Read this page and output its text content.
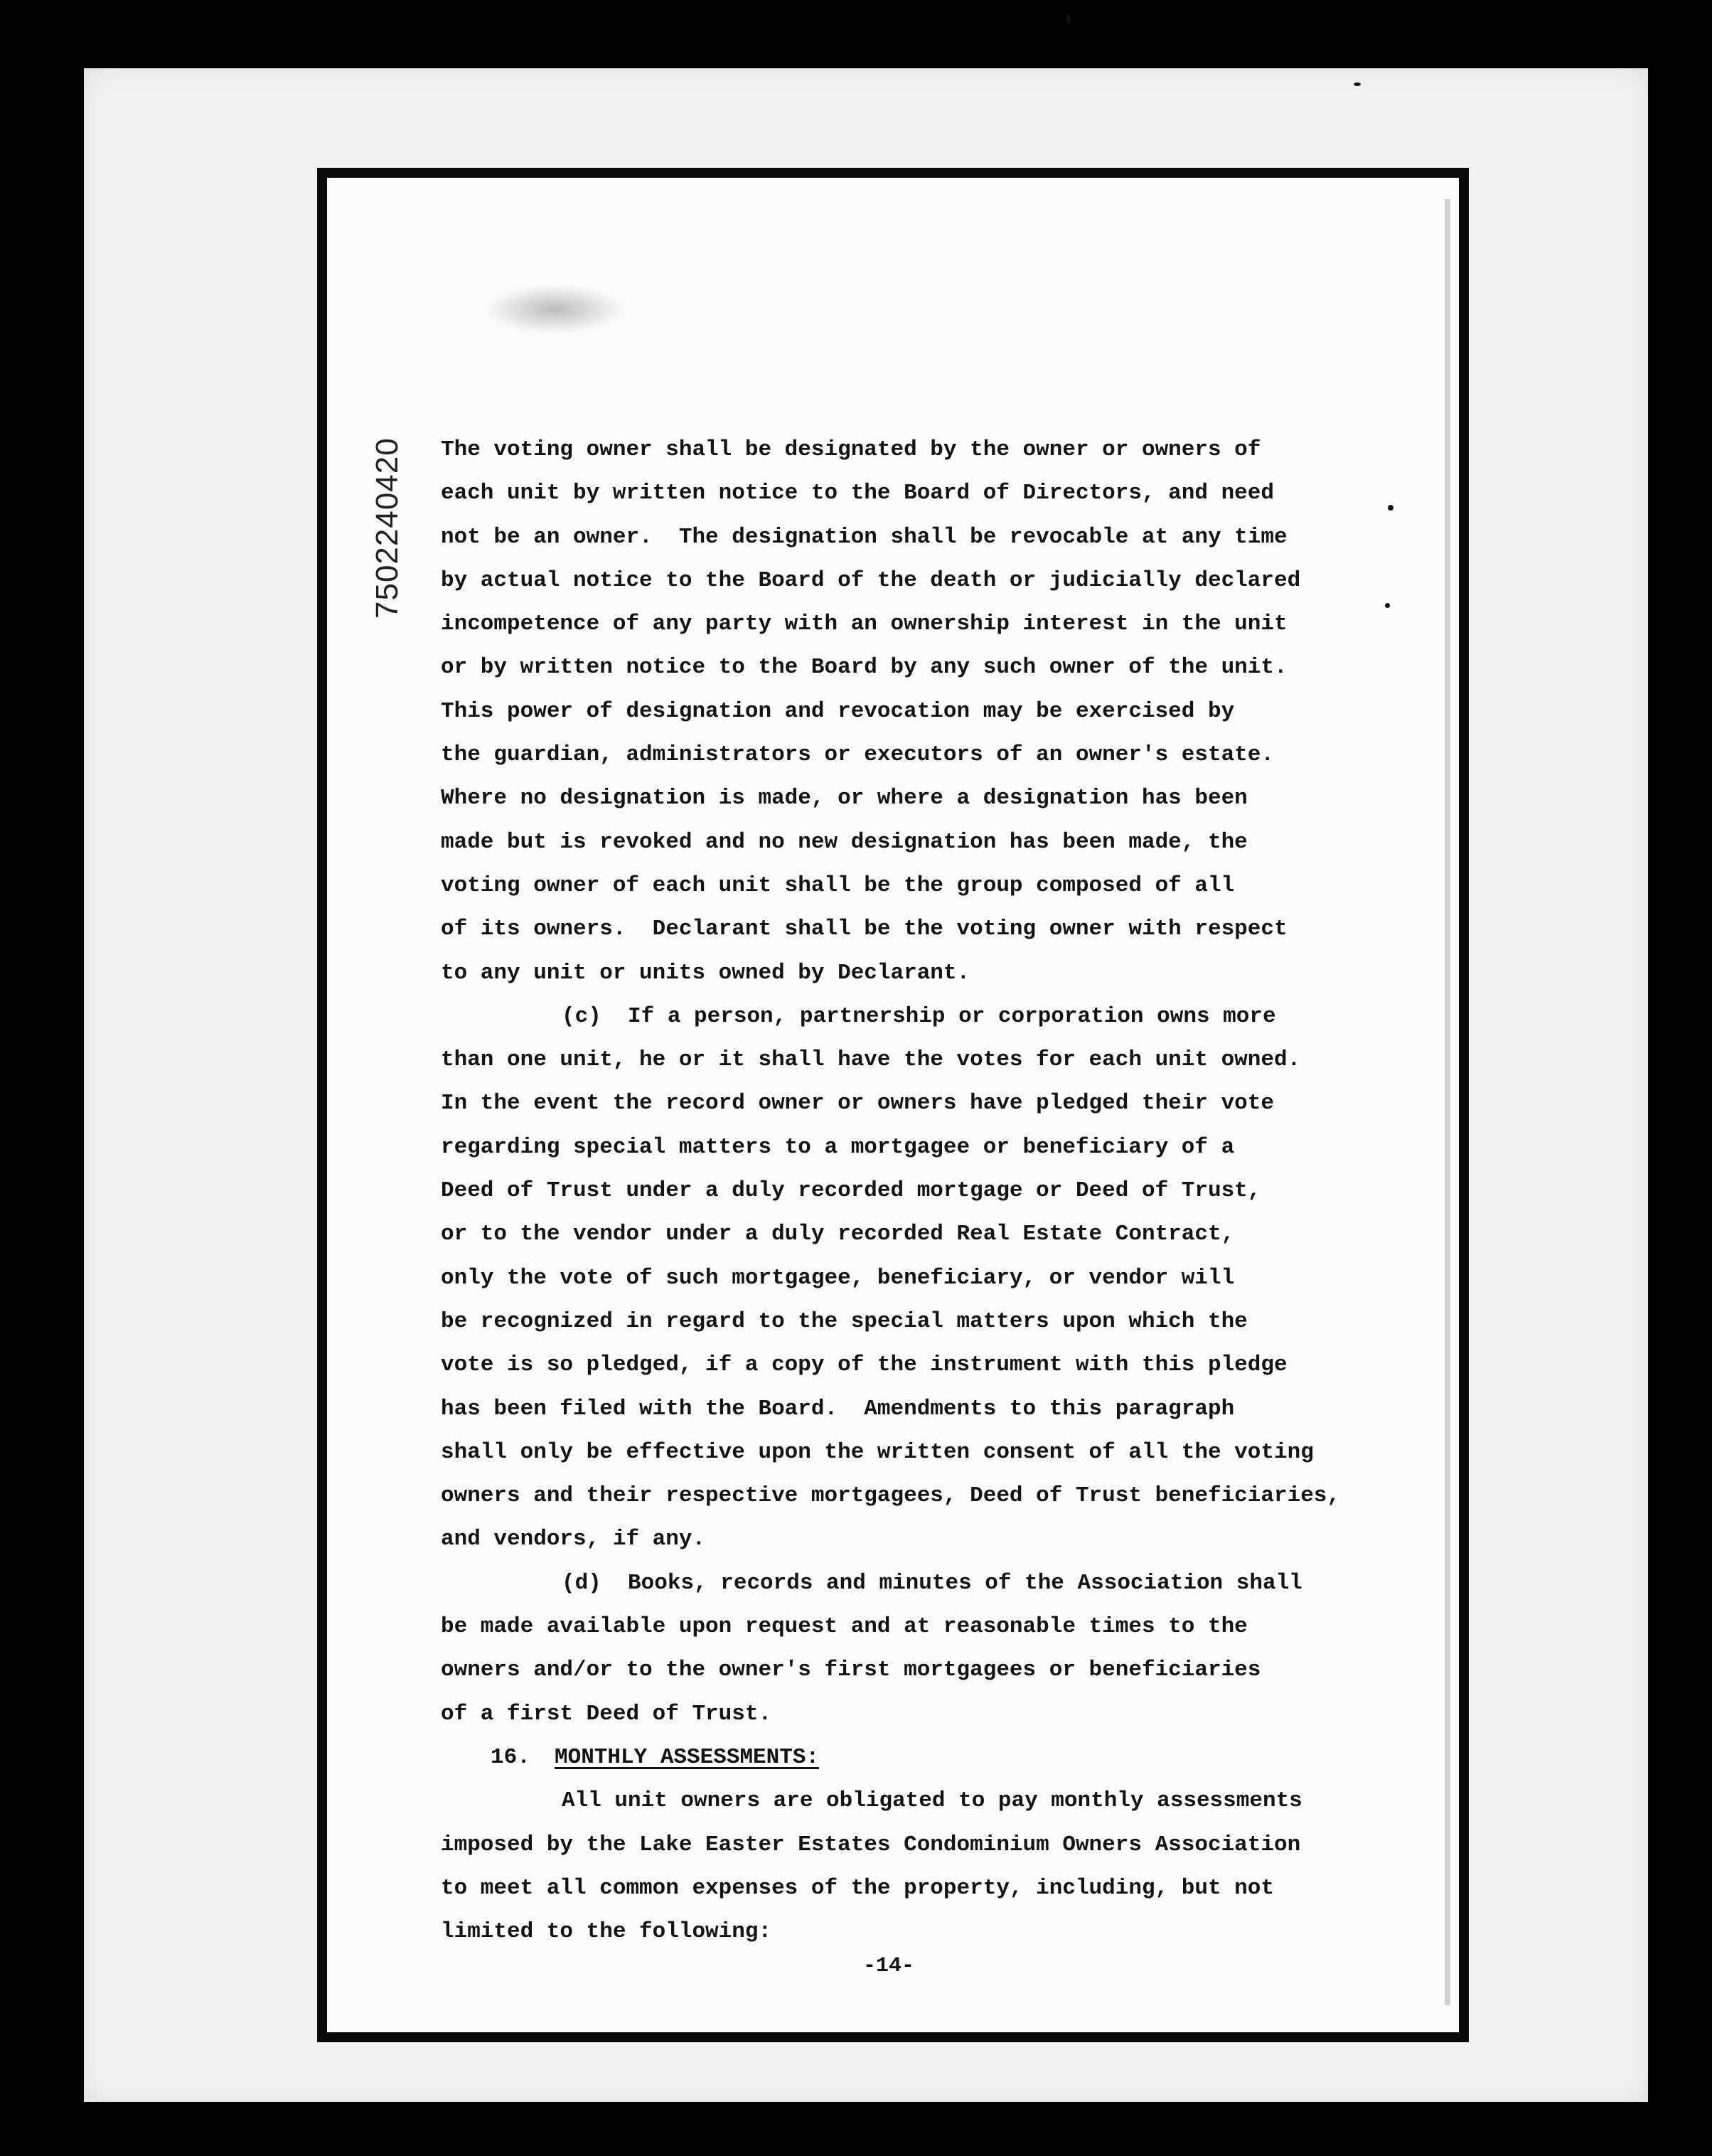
7502240420 The voting owner shall be designated by the owner or owners of
each unit by written notice to the Board of Directors, and need
not be an owner.  The designation shall be revocable at any time
by actual notice to the Board of the death or judicially declared
incompetence of any party with an ownership interest in the unit
or by written notice to the Board by any such owner of the unit.
This power of designation and revocation may be exercised by
the guardian, administrators or executors of an owner's estate.
Where no designation is made, or where a designation has been
made but is revoked and no new designation has been made, the
voting owner of each unit shall be the group composed of all
of its owners.  Declarant shall be the voting owner with respect
to any unit or units owned by Declarant.
(c)  If a person, partnership or corporation owns more
than one unit, he or it shall have the votes for each unit owned.
In the event the record owner or owners have pledged their vote
regarding special matters to a mortgagee or beneficiary of a
Deed of Trust under a duly recorded mortgage or Deed of Trust,
or to the vendor under a duly recorded Real Estate Contract,
only the vote of such mortgagee, beneficiary, or vendor will
be recognized in regard to the special matters upon which the
vote is so pledged, if a copy of the instrument with this pledge
has been filed with the Board.  Amendments to this paragraph
shall only be effective upon the written consent of all the voting
owners and their respective mortgagees, Deed of Trust beneficiaries,
and vendors, if any.
(d)  Books, records and minutes of the Association shall
be made available upon request and at reasonable times to the
owners and/or to the owner's first mortgagees or beneficiaries
of a first Deed of Trust.
16. MONTHLY ASSESSMENTS:
All unit owners are obligated to pay monthly assessments
imposed by the Lake Easter Estates Condominium Owners Association
to meet all common expenses of the property, including, but not
limited to the following:
-14-
